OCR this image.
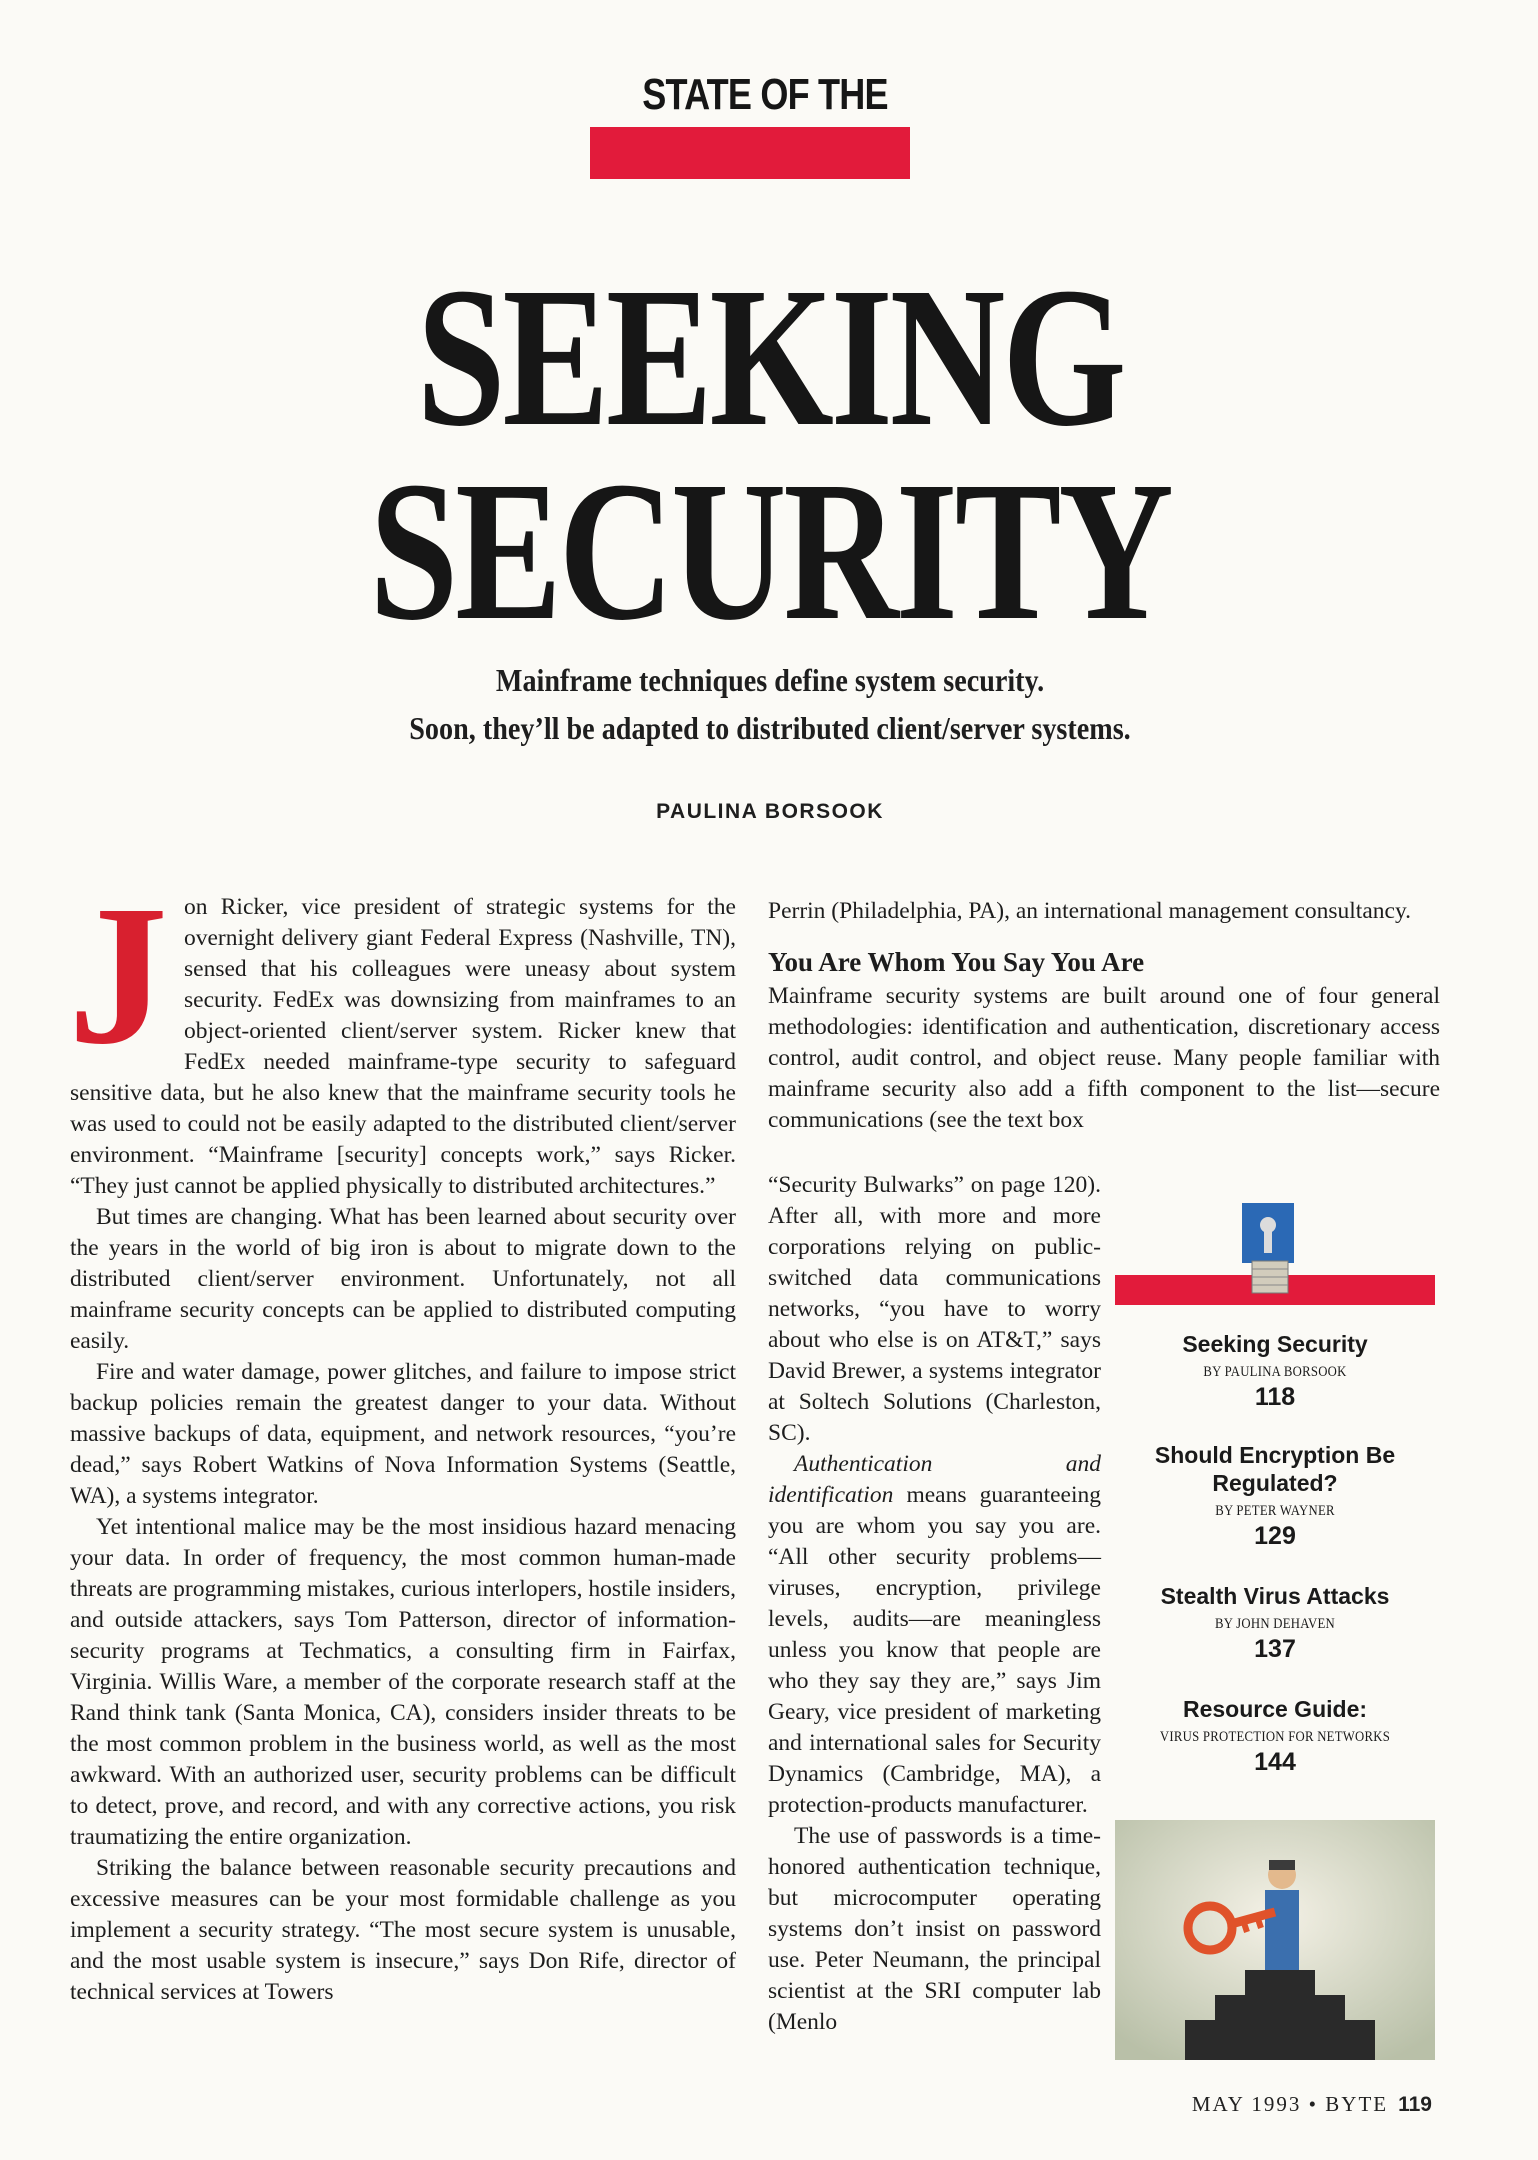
STATE OF THE
SEEKING
SECURITY
Mainframe techniques define system security.
Soon, they’ll be adapted to distributed client/server systems.
PAULINA BORSOOK

Jon Ricker, vice president of strategic systems for the overnight delivery giant Federal Express (Nashville, TN), sensed that his colleagues were uneasy about system security. FedEx was downsizing from mainframes to an object-oriented client/server system. Ricker knew that FedEx needed mainframe-type security to safeguard sensitive data, but he also knew that the mainframe security tools he was used to could not be easily adapted to the distributed client/server environment. “Mainframe [security] concepts work,” says Ricker. “They just cannot be applied physically to distributed architectures.”

But times are changing. What has been learned about security over the years in the world of big iron is about to migrate down to the distributed client/server environment. Unfortunately, not all mainframe security concepts can be applied to distributed computing easily.

Fire and water damage, power glitches, and failure to impose strict backup policies remain the greatest danger to your data. Without massive backups of data, equipment, and network resources, “you’re dead,” says Robert Watkins of Nova Information Systems (Seattle, WA), a systems integrator.

Yet intentional malice may be the most insidious hazard menacing your data. In order of frequency, the most common human-made threats are programming mistakes, curious interlopers, hostile insiders, and outside attackers, says Tom Patterson, director of information-security programs at Techmatics, a consulting firm in Fairfax, Virginia. Willis Ware, a member of the corporate research staff at the Rand think tank (Santa Monica, CA), considers insider threats to be the most common problem in the business world, as well as the most awkward. With an authorized user, security problems can be difficult to detect, prove, and record, and with any corrective actions, you risk traumatizing the entire organization.

Striking the balance between reasonable security precautions and excessive measures can be your most formidable challenge as you implement a security strategy. “The most secure system is unusable, and the most usable system is insecure,” says Don Rife, director of technical services at Towers

Perrin (Philadelphia, PA), an international management consultancy.

You Are Whom You Say You Are

Mainframe security systems are built around one of four general methodologies: identification and authentication, discretionary access control, audit control, and object reuse. Many people familiar with mainframe security also add a fifth component to the list—secure communications (see the text box

“Security Bulwarks” on page 120). After all, with more and more corporations relying on public-switched data communications networks, “you have to worry about who else is on AT&T,” says David Brewer, a systems integrator at Soltech Solutions (Charleston, SC).

Authentication and identification means guaranteeing you are whom you say you are. “All other security problems—viruses, encryption, privilege levels, audits—are meaningless unless you know that people are who they say they are,” says Jim Geary, vice president of marketing and international sales for Security Dynamics (Cambridge, MA), a protection-products manufacturer.

The use of passwords is a time-honored authentication technique, but microcomputer operating systems don’t insist on password use. Peter Neumann, the principal scientist at the SRI computer lab (Menlo

Seeking Security
BY PAULINA BORSOOK
118
Should Encryption Be Regulated?
BY PETER WAYNER
129
Stealth Virus Attacks
BY JOHN DEHAVEN
137
Resource Guide:
VIRUS PROTECTION FOR NETWORKS
144
MAY 1993 • BYTE 119
